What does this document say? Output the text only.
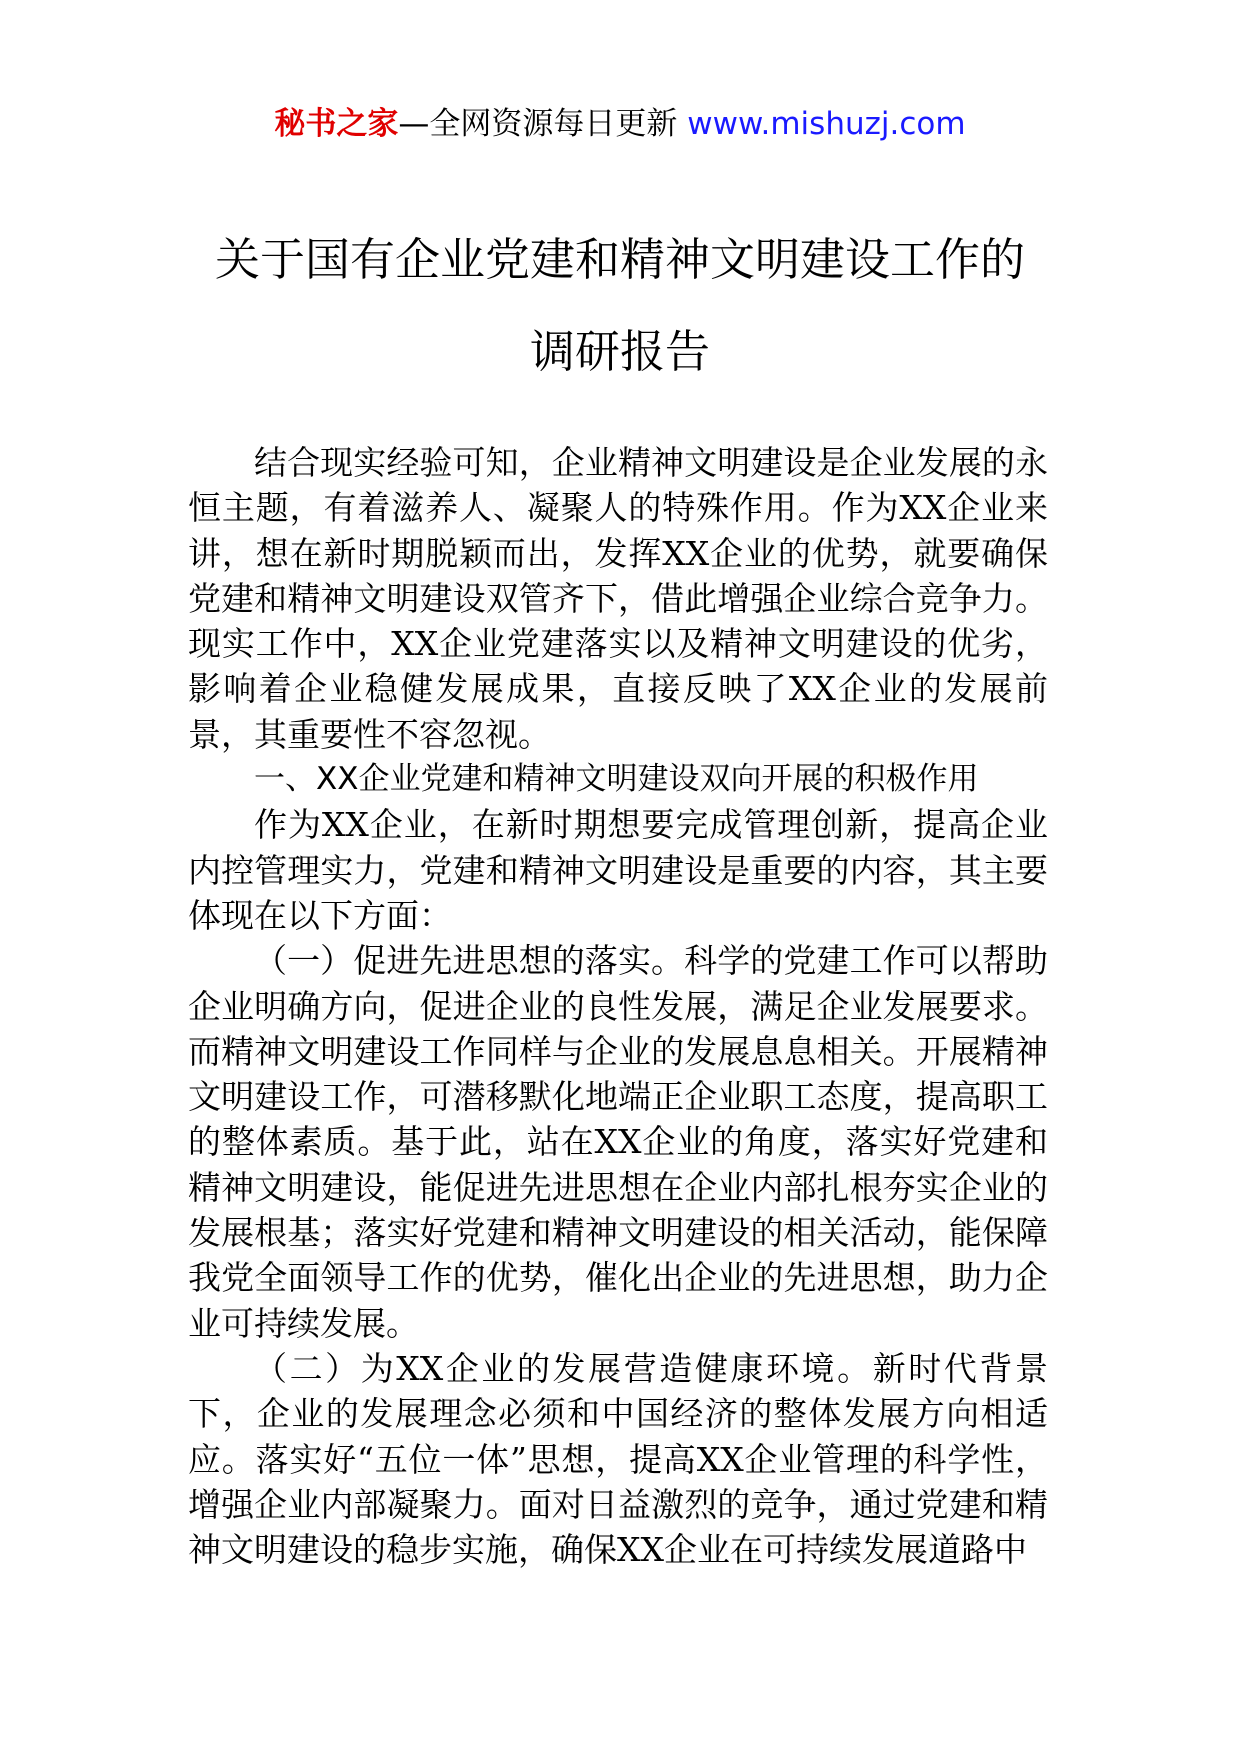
秘书之家—全网资源每日更新 www.mishuzj.com
关于国有企业党建和精神文明建设工作的
调研报告

结合现实经验可知，企业精神文明建设是企业发展的永恒主题，有着滋养人、凝聚人的特殊作用。作为XX企业来讲，想在新时期脱颖而出，发挥XX企业的优势，就要确保党建和精神文明建设双管齐下，借此增强企业综合竞争力。现实工作中，XX企业党建落实以及精神文明建设的优劣，影响着企业稳健发展成果，直接反映了XX企业的发展前景，其重要性不容忽视。

一、XX企业党建和精神文明建设双向开展的积极作用

作为XX企业，在新时期想要完成管理创新，提高企业内控管理实力，党建和精神文明建设是重要的内容，其主要体现在以下方面：

（一）促进先进思想的落实。科学的党建工作可以帮助企业明确方向，促进企业的良性发展，满足企业发展要求。而精神文明建设工作同样与企业的发展息息相关。开展精神文明建设工作，可潜移默化地端正企业职工态度，提高职工的整体素质。基于此，站在XX企业的角度，落实好党建和精神文明建设，能促进先进思想在企业内部扎根夯实企业的发展根基；落实好党建和精神文明建设的相关活动，能保障我党全面领导工作的优势，催化出企业的先进思想，助力企业可持续发展。

（二）为XX企业的发展营造健康环境。新时代背景下，企业的发展理念必须和中国经济的整体发展方向相适应。落实好“五位一体”思想，提高XX企业管理的科学性，增强企业内部凝聚力。面对日益激烈的竞争，通过党建和精神文明建设的稳步实施，确保XX企业在可持续发展道路中
